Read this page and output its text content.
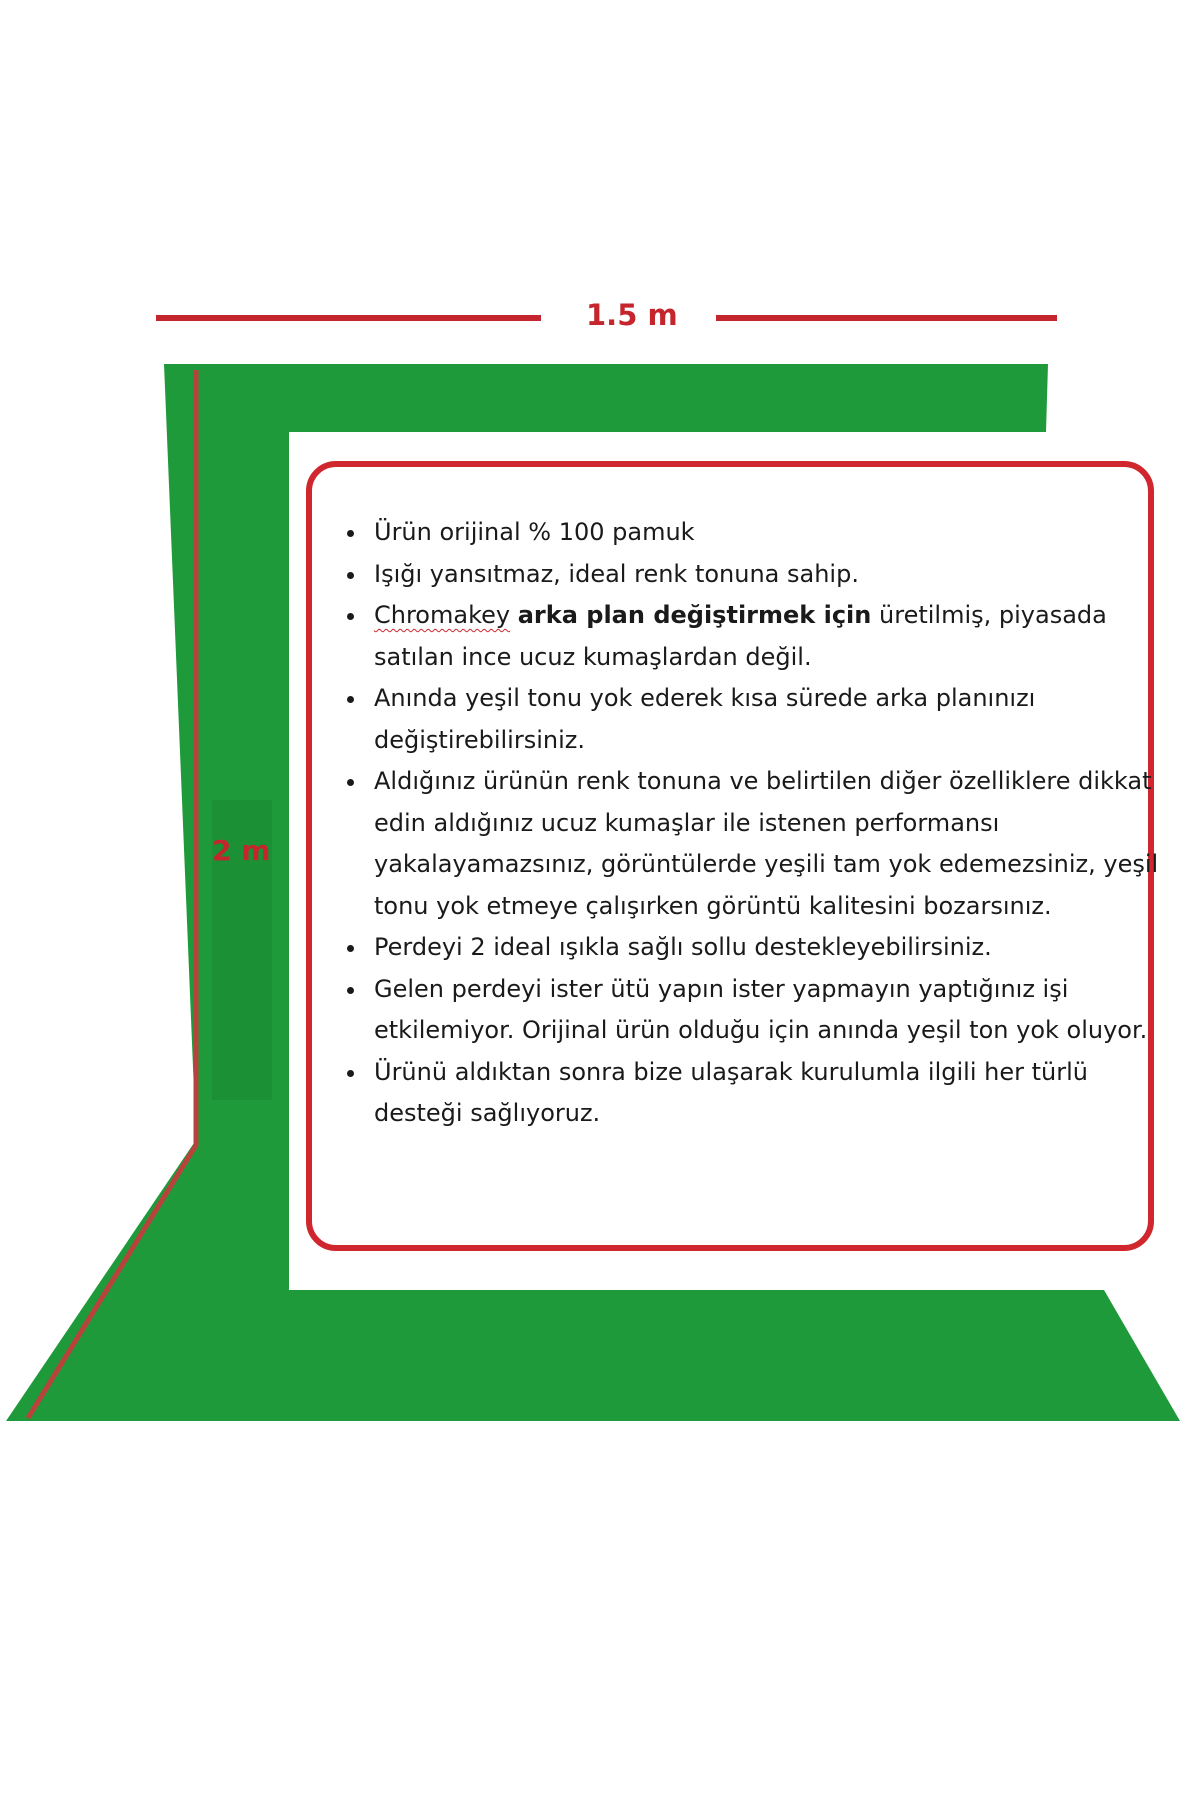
1.5 m
2 m
• Ürün orijinal % 100 pamuk
• Işığı yansıtmaz, ideal renk tonuna sahip.
• Chromakey arka plan değiştirmek için üretilmiş, piyasada satılan ince ucuz kumaşlardan değil.
• Anında yeşil tonu yok ederek kısa sürede arka planınızı değiştirebilirsiniz.
• Aldığınız ürünün renk tonuna ve belirtilen diğer özelliklere dikkat edin aldığınız ucuz kumaşlar ile istenen performansı yakalayamazsınız, görüntülerde yeşili tam yok edemezsiniz, yeşil tonu yok etmeye çalışırken görüntü kalitesini bozarsınız.
• Perdeyi 2 ideal ışıkla sağlı sollu destekleyebilirsiniz.
• Gelen perdeyi ister ütü yapın ister yapmayın yaptığınız işi etkilemiyor. Orijinal ürün olduğu için anında yeşil ton yok oluyor.
• Ürünü aldıktan sonra bize ulaşarak kurulumla ilgili her türlü desteği sağlıyoruz.
